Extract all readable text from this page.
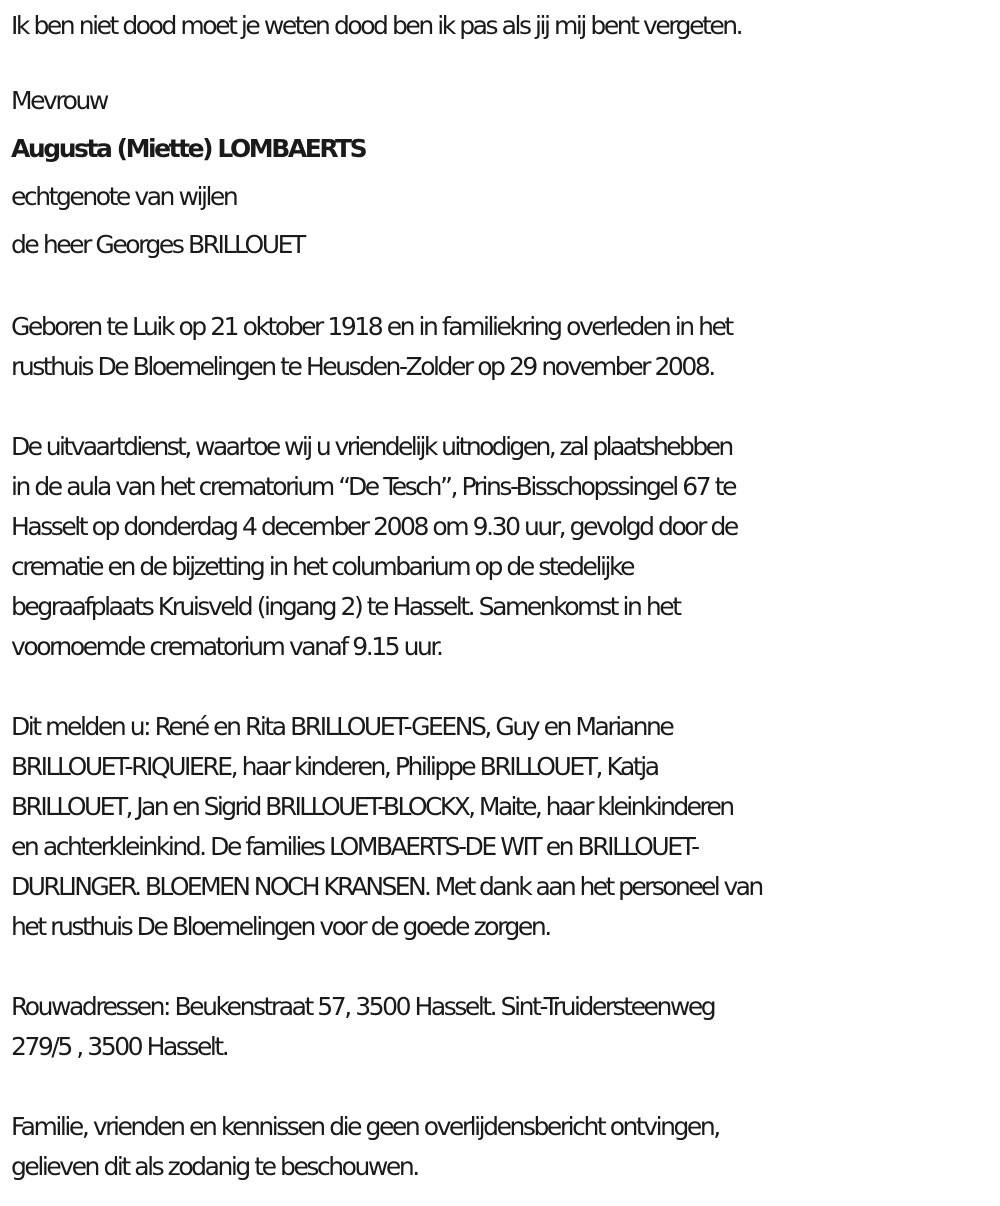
Ik ben niet dood moet je weten dood ben ik pas als jij mij bent vergeten.
Mevrouw
Augusta (Miette) LOMBAERTS
echtgenote van wijlen
de heer Georges BRILLOUET
Geboren te Luik op 21 oktober 1918 en in familiekring overleden in het
rusthuis De Bloemelingen te Heusden-Zolder op 29 november 2008.
De uitvaartdienst, waartoe wij u vriendelijk uitnodigen, zal plaatshebben
in de aula van het crematorium “De Tesch”, Prins-Bisschopssingel 67 te
Hasselt op donderdag 4 december 2008 om 9.30 uur, gevolgd door de
crematie en de bijzetting in het columbarium op de stedelijke
begraafplaats Kruisveld (ingang 2) te Hasselt. Samenkomst in het
voornoemde crematorium vanaf 9.15 uur.
Dit melden u: René en Rita BRILLOUET-GEENS, Guy en Marianne
BRILLOUET-RIQUIERE, haar kinderen, Philippe BRILLOUET, Katja
BRILLOUET, Jan en Sigrid BRILLOUET-BLOCKX, Maite, haar kleinkinderen
en achterkleinkind. De families LOMBAERTS-DE WIT en BRILLOUET-
DURLINGER. BLOEMEN NOCH KRANSEN. Met dank aan het personeel van
het rusthuis De Bloemelingen voor de goede zorgen.
Rouwadressen: Beukenstraat 57, 3500 Hasselt. Sint-Truidersteenweg
279/5 , 3500 Hasselt.
Familie, vrienden en kennissen die geen overlijdensbericht ontvingen,
gelieven dit als zodanig te beschouwen.
